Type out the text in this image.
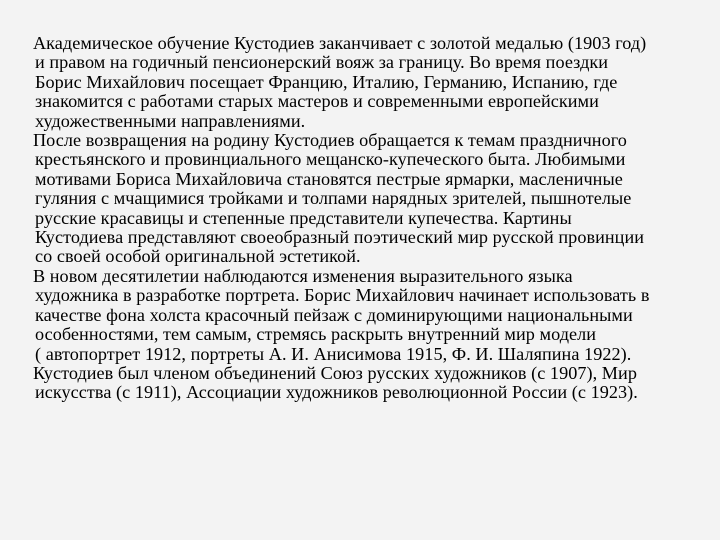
Академическое обучение Кустодиев заканчивает с золотой медалью (1903 год)
и правом на годичный пенсионерский вояж за границу. Во время поездки
Борис Михайлович посещает Францию, Италию, Германию, Испанию, где
знакомится с работами старых мастеров и современными европейскими
художественными направлениями.

После возвращения на родину Кустодиев обращается к темам праздничного
крестьянского и провинциального мещанско-купеческого быта. Любимыми
мотивами Бориса Михайловича становятся пестрые ярмарки, масленичные
гуляния с мчащимися тройками и толпами нарядных зрителей, пышнотелые
русские красавицы и степенные представители купечества. Картины
Кустодиева представляют своеобразный поэтический мир русской провинции
со своей особой оригинальной эстетикой.

В новом десятилетии наблюдаются изменения выразительного языка
художника в разработке портрета. Борис Михайлович начинает использовать в
качестве фона холста красочный пейзаж с доминирующими национальными
особенностями, тем самым, стремясь раскрыть внутренний мир модели
( автопортрет 1912, портреты А. И. Анисимова 1915, Ф. И. Шаляпина 1922).

Кустодиев был членом объединений Союз русских художников (с 1907), Мир
искусства (с 1911), Ассоциации художников революционной России (с 1923).
